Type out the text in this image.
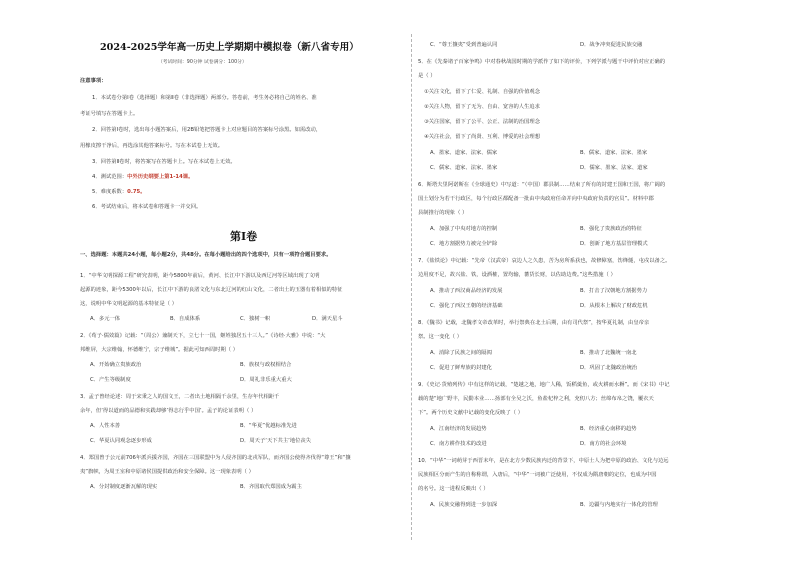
2024-2025学年高一历史上学期期中模拟卷（新八省专用）
（考试时间：90分钟 试卷满分：100分）
注意事项：
1．本试卷分第Ⅰ卷（选择题）和第Ⅱ卷（非选择题）两部分。答卷前，考生务必将自己的姓名、准
考证号填写在答题卡上。
2．回答第Ⅰ卷时，选出每小题答案后，用2B铅笔把答题卡上对应题目的答案标号涂黑。如需改动，
用橡皮擦干净后，再选涂其他答案标号。写在本试卷上无效。
3．回答第Ⅱ卷时，将答案写在答题卡上。写在本试卷上无效。
4．测试范围：中外历史纲要上第1-14课。
5．难度系数：0.75。
6．考试结束后，将本试卷和答题卡一并交回。
第Ⅰ卷
一、选择题：本题共24小题，每小题2分，共48分。在每小题给出的四个选项中，只有一项符合题目要求。
1．“中华文明探源工程”研究表明，距今5800年前后，黄河、长江中下游以及西辽河等区域出现了文明
起源的迹象，距今5300年以后，长江中下游的良渚文化与东北辽河的红山文化，二者出土的玉器有着相似的特征
这，说明中华文明起源的基本特征是（ ）
A．多元一体	B．自成体系	C．独树一帜	D．满天星斗
2．《荀子·儒效篇》记载：“（周公）兼制天下，立七十一国，姬姓独居五十三人。”《诗经·大雅》中说：“大
邦维屏，大宗维翰，怀德维宁，宗子维城”。据此可知西周时期（ ）
A．开始确立贵族政治	B．族权与政权相结合
C．产生等级制度	D．周礼非乐重大重大
3．孟子曾经论述：周于宋秉之人的国文王，二者出土地相隔千余里，生存年代相距千
余年，但‘得以道而的品德和实践却够’得志行乎中国’。孟子的论证表明（ ）
A．人性本善	B．“华夏”优越标准先进
C．华夏认同观念逐步形成	D．周天子‘天下共主’地位丧失
4．郑国曾于公元前706年派兵援齐国，齐国在三国联盟中为人侵齐国的北戎军队，而齐国公使得齐伐得“尊王”和“攘
夷”旗帜，为周王室和中原诸侯国提供政治和安全保障。这一现象表明（ ）
A．分封制度逐渐瓦解的现实	B．齐国取代郑国成为霸主
C．“尊王攘夷”受到普遍认同	D．战争冲突促进民族交融
5．在《先秦诸子百家争鸣》中对春秋战国时期的学派作了如下的评价，下列学派与题干中评价对应正确的
是（ ）
①关注文化，留下了仁爱、礼制、自强的价值观念
②关注人物，留下了无为、自由、宽容的人生追求
③关注国家，留下了公平、公正、法制的治国理念
④关注社会，留下了尚贤、互利、博爱的社会理想
A．墨家、道家、法家、儒家	B．儒家、道家、法家、墨家
C．儒家、道家、法家、墨家	D．儒家、墨家、法家、道家
6．斯塔夫里阿诺斯在《全球通史》中写道：“（中国）郡县制……结束了所有的封建王国和王国，将广阔的
国土划分为若干行政区，每个行政区都配备一批由中央政府任命并向中央政府负责的官员”。材料中郡
县制推行的现象（ ）
A．加强了中央对地方的控制	B．强化了贵族政治的特征
C．地方割据势力被完全铲除	D．创新了地方基层管理模式
7．《盐铁论》中记载：“先帝（汉武帝）哀边人之久患，苦为房所系获也，故修障塞，饬烽燧，屯戍以备之。
边用度不足，故兴盐、铁，设酒榷，置均输，蕃货长财，以佐助边费。”这些措施（ ）
A．推动了西汉商品经济的发展	B．打击了汉朝地方割据势力
C．强化了西汉王朝的经济基础	D．从根本上解决了财政危机
8．《魏书》记载，北魏孝文帝改革时，举行祭典在北土后期，由有司代祭”，按华夏礼制，由皇帝亲
祭。这一变化（ ）
A．消除了民族之间的隔阂	B．推动了北魏统一南北
C．促进了鲜卑族的封建化	D．巩固了北魏政治统治
9．《史记·货殖列传》中有这样的记载，“楚越之地，地广人稀，饭稻羹鱼，或火耕而水耨”。而《宋书》中记
载的楚“地广野丰，民勤本业……扬部有全吴之沃，鱼盐杞梓之利，充仞八方；丝绵布帛之饶，覆衣天
下”。两个历史文献中记载的变化反映了（ ）
A．江南经济的发展趋势	B．经济重心南移的趋势
C．南方耕作技术的改进	D．南方的社会环境
10．“中华”一词萌芽于西晋末年，是在北方少数民族内迁的背景下，中原士人为把中原的政治、文化与边远
民族相区分而产生的自称称谓，入唐后，“中华”一词被广泛使用，不仅成为隋唐朝的定位，也成为中国
的名号。这一进程反映出（ ）
A．民族交融得到进一步加深	B．边疆与内地实行一体化的管理
